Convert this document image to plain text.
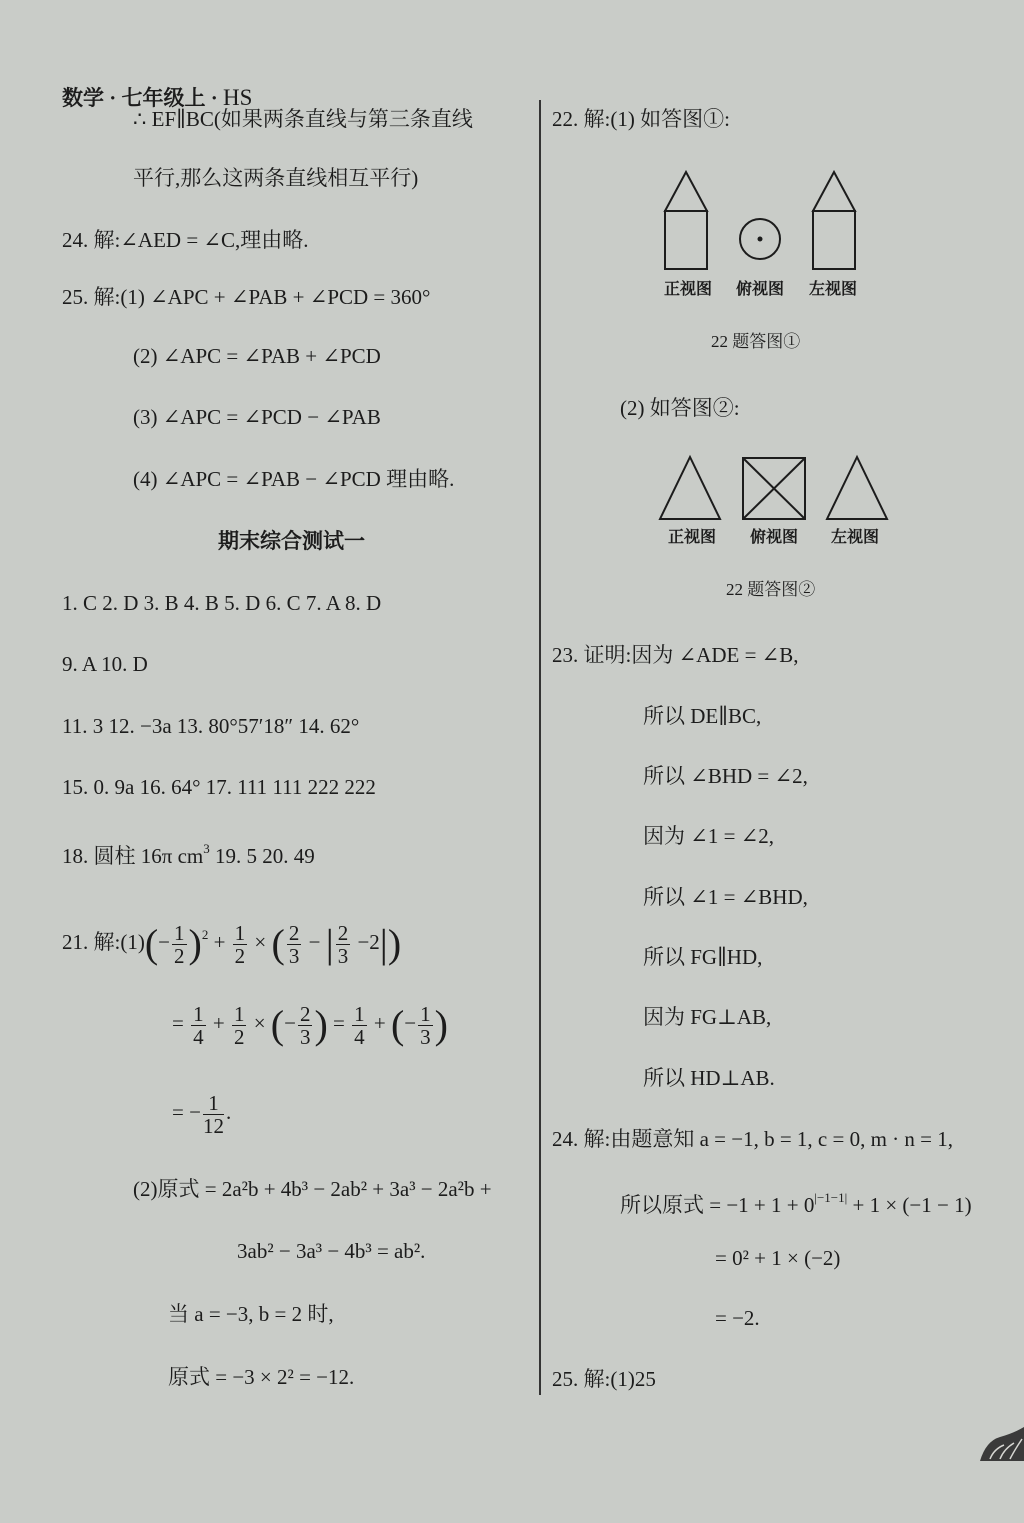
数学 · 七年级上 · HS
∴ EF∥BC(如果两条直线与第三条直线
平行,那么这两条直线相互平行)
24. 解:∠AED = ∠C,理由略.
25. 解:(1) ∠APC + ∠PAB + ∠PCD = 360°
(2) ∠APC = ∠PAB + ∠PCD
(3) ∠APC = ∠PCD − ∠PAB
(4) ∠APC = ∠PAB − ∠PCD 理由略.
期末综合测试一
1. C 2. D 3. B 4. B 5. D 6. C 7. A 8. D
9. A 10. D
11. 3 12. −3a 13. 80°57′18″ 14. 62°
15. 0. 9a 16. 64° 17. 111 111 222 222
18. 圆柱 16π $cm^3$ 19. 5 20. 49
21. 解:(1)(− $\frac{1}{2} )^2 + \frac{1}{2}$ × ( $\frac{2}{3}$ − | $\frac{2}{3} -2|$)
= $\frac{1}{4} + \frac{1}{2}$ × (− $\frac{2}{3}$ ) = $\frac{1}{4}$ + (− $\frac{1}{3}$ )
= − $\frac{1}{12}$ .
(2)原式 = 2a²b + 4b³ − 2ab² + 3a³ − 2a²b +
3ab² − 3a³ − 4b³ = ab².
当 a = −3, b = 2 时,
原式 = −3 × 2² = −12.
22. 解:(1) 如答图①:
正视图 俯视图 左视图
22 题答图①
(2) 如答图②:
正视图 俯视图 左视图
22 题答图②
23. 证明:因为 ∠ADE = ∠B,
所以 DE∥BC,
所以 ∠BHD = ∠2,
因为 ∠1 = ∠2,
所以 ∠1 = ∠BHD,
所以 FG∥HD,
因为 FG⊥AB,
所以 HD⊥AB.
24. 解:由题意知 a = −1, b = 1, c = 0, m · n = 1,
所以原式 = $-1 + 1 + 0^{|-1-1|} + 1 \times (-1 - 1)$
= 0² + 1 × (−2)
= −2.
25. 解:(1)25
